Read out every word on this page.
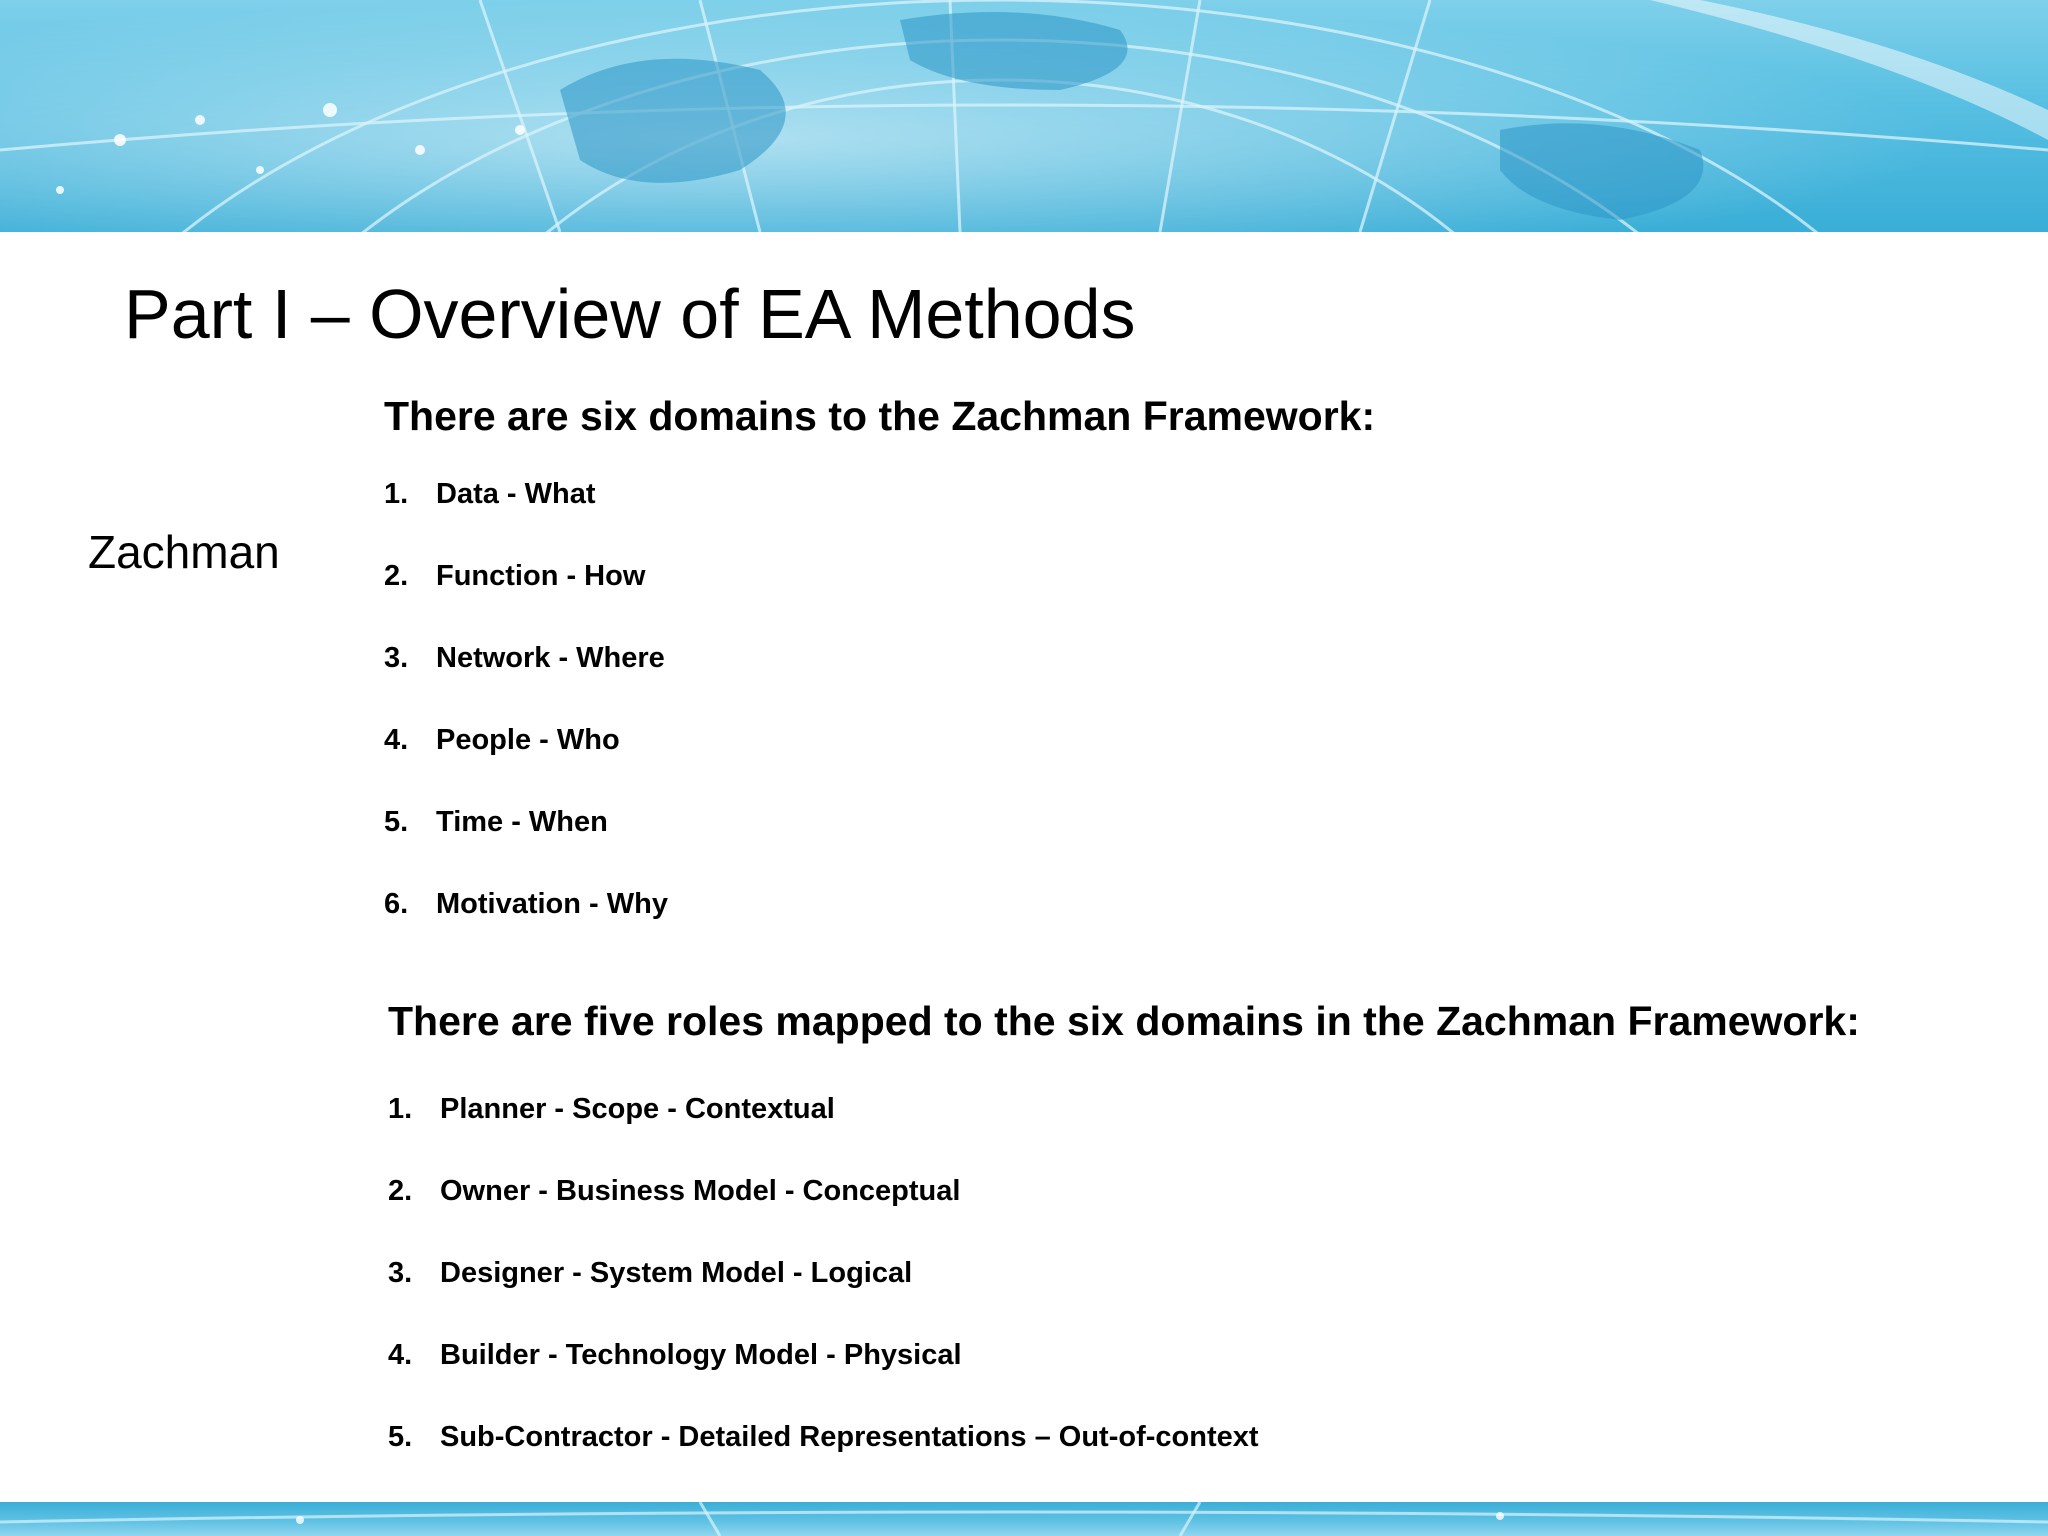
Part I – Overview of EA Methods
Zachman

There are six domains to the Zachman Framework:

1. Data - What
2. Function - How
3. Network - Where
4. People - Who
5. Time - When
6. Motivation - Why

There are five roles mapped to the six domains in the Zachman Framework:

1. Planner - Scope - Contextual
2. Owner - Business Model - Conceptual
3. Designer - System Model - Logical
4. Builder - Technology Model - Physical
5. Sub-Contractor - Detailed Representations – Out-of-context
